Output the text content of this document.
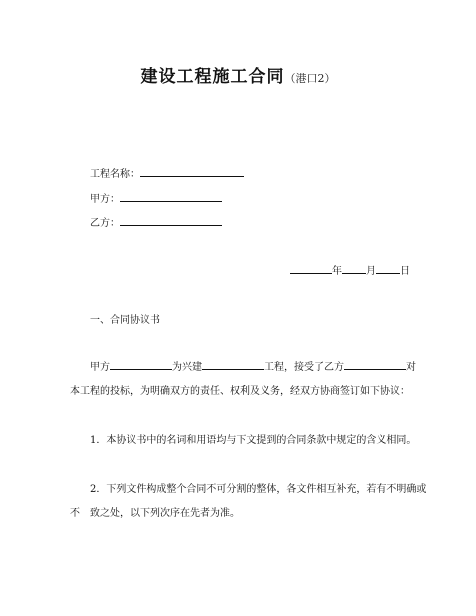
建设工程施工合同（港口2）
工程名称：
甲方：
乙方：
年 月 日
一、合同协议书
甲方	为兴建	工程，接受了乙方	对
本工程的投标，为明确双方的责任、权利及义务，经双方协商签订如下协议：
1．本协议书中的名词和用语均与下文提到的合同条款中规定的含义相同。
2．下列文件构成整个合同不可分割的整体，各文件相互补充，若有不明确或
不　致之处，以下列次序在先者为准。
